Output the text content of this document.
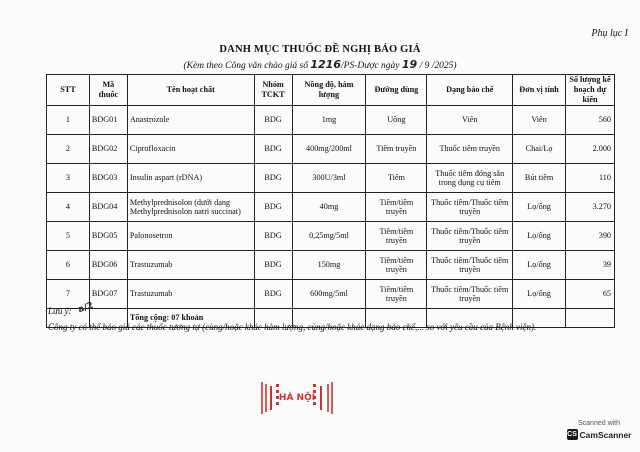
Phụ lục I
DANH MỤC THUỐC ĐỀ NGHỊ BÁO GIÁ
(Kèm theo Công văn chào giá số 1216/PS-Dược ngày 19 / 9 /2025)
STT	Mã thuốc	Tên hoạt chất	Nhóm TCKT	Nồng độ, hàm lượng	Đường dùng	Dạng bào chế	Đơn vị tính	Số lượng kế hoạch dự kiến
1	BDG01	Anastrozole	BDG	1mg	Uống	Viên	Viên	560
2	BDG02	Ciprofloxacin	BDG	400mg/200ml	Tiêm truyền	Thuốc tiêm truyền	Chai/Lọ	2.000
3	BDG03	Insulin aspart (rDNA)	BDG	300U/3ml	Tiêm	Thuốc tiêm đóng sẵn trong dụng cụ tiêm	Bút tiêm	110
4	BDG04	Methylprednisolon (dưới dạng Methylprednisolon natri succinat)	BDG	40mg	Tiêm/tiêm truyền	Thuốc tiêm/Thuốc tiêm truyền	Lọ/ống	3.270
5	BDG05	Palonosetron	BDG	0,25mg/5ml	Tiêm/tiêm truyền	Thuốc tiêm/Thuốc tiêm truyền	Lọ/ống	390
6	BDG06	Trastuzumab	BDG	150mg	Tiêm/tiêm truyền	Thuốc tiêm/Thuốc tiêm truyền	Lọ/ống	39
7	BDG07	Trastuzumab	BDG	600mg/5ml	Tiêm/tiêm truyền	Thuốc tiêm/Thuốc tiêm truyền	Lọ/ống	65
		Tổng cộng: 07 khoản						
Lưu ý: a/2
Công ty có thể báo giá các thuốc tương tự (cùng/hoặc khác hàm lượng, cùng/hoặc khác dạng bào chế,... so với yêu cầu của Bệnh viện).
HÀ NỘI
Scanned with
CS CamScanner
